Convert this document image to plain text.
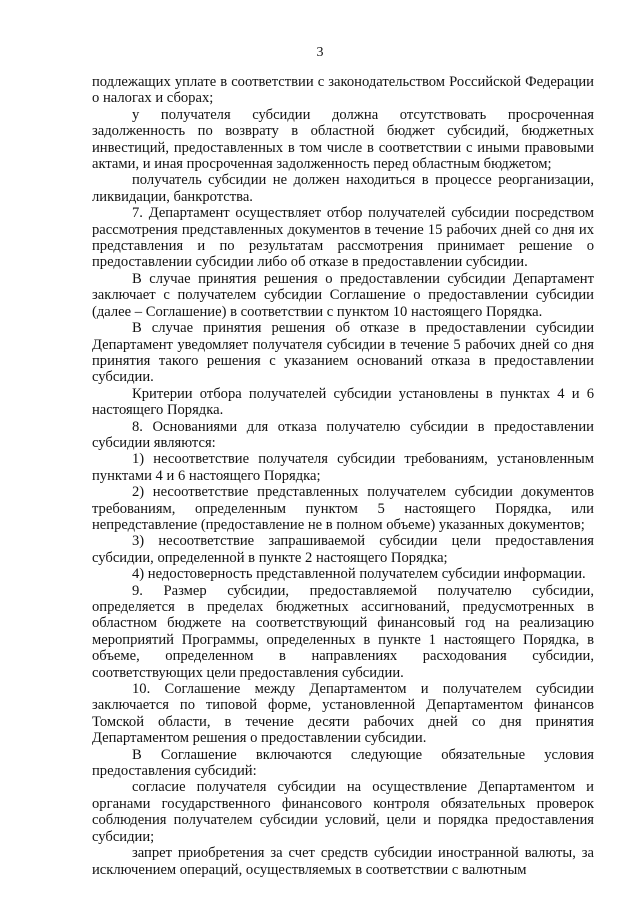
3

подлежащих уплате в соответствии с законодательством Российской Федерации о налогах и сборах;

у получателя субсидии должна отсутствовать просроченная задолженность по возврату в областной бюджет субсидий, бюджетных инвестиций, предоставленных в том числе в соответствии с иными правовыми актами, и иная просроченная задолженность перед областным бюджетом;

получатель субсидии не должен находиться в процессе реорганизации, ликвидации, банкротства.

7. Департамент осуществляет отбор получателей субсидии посредством рассмотрения представленных документов в течение 15 рабочих дней со дня их представления и по результатам рассмотрения принимает решение о предоставлении субсидии либо об отказе в предоставлении субсидии.

В случае принятия решения о предоставлении субсидии Департамент заключает с получателем субсидии Соглашение о предоставлении субсидии (далее – Соглашение) в соответствии с пунктом 10 настоящего Порядка.

В случае принятия решения об отказе в предоставлении субсидии Департамент уведомляет получателя субсидии в течение 5 рабочих дней со дня принятия такого решения с указанием оснований отказа в предоставлении субсидии.

Критерии отбора получателей субсидии установлены в пунктах 4 и 6 настоящего Порядка.

8. Основаниями для отказа получателю субсидии в предоставлении субсидии являются:

1) несоответствие получателя субсидии требованиям, установленным пунктами 4 и 6 настоящего Порядка;

2) несоответствие представленных получателем субсидии документов требованиям, определенным пунктом 5 настоящего Порядка, или непредставление (предоставление не в полном объеме) указанных документов;

3) несоответствие запрашиваемой субсидии цели предоставления субсидии, определенной в пункте 2 настоящего Порядка;

4) недостоверность представленной получателем субсидии информации.

9. Размер субсидии, предоставляемой получателю субсидии, определяется в пределах бюджетных ассигнований, предусмотренных в областном бюджете на соответствующий финансовый год на реализацию мероприятий Программы, определенных в пункте 1 настоящего Порядка, в объеме, определенном в направлениях расходования субсидии, соответствующих цели предоставления субсидии.

10. Соглашение между Департаментом и получателем субсидии заключается по типовой форме, установленной Департаментом финансов Томской области, в течение десяти рабочих дней со дня принятия Департаментом решения о предоставлении субсидии.

В Соглашение включаются следующие обязательные условия предоставления субсидий:

согласие получателя субсидии на осуществление Департаментом и органами государственного финансового контроля обязательных проверок соблюдения получателем субсидии условий, цели и порядка предоставления субсидии;

запрет приобретения за счет средств субсидии иностранной валюты, за исключением операций, осуществляемых в соответствии с валютным
